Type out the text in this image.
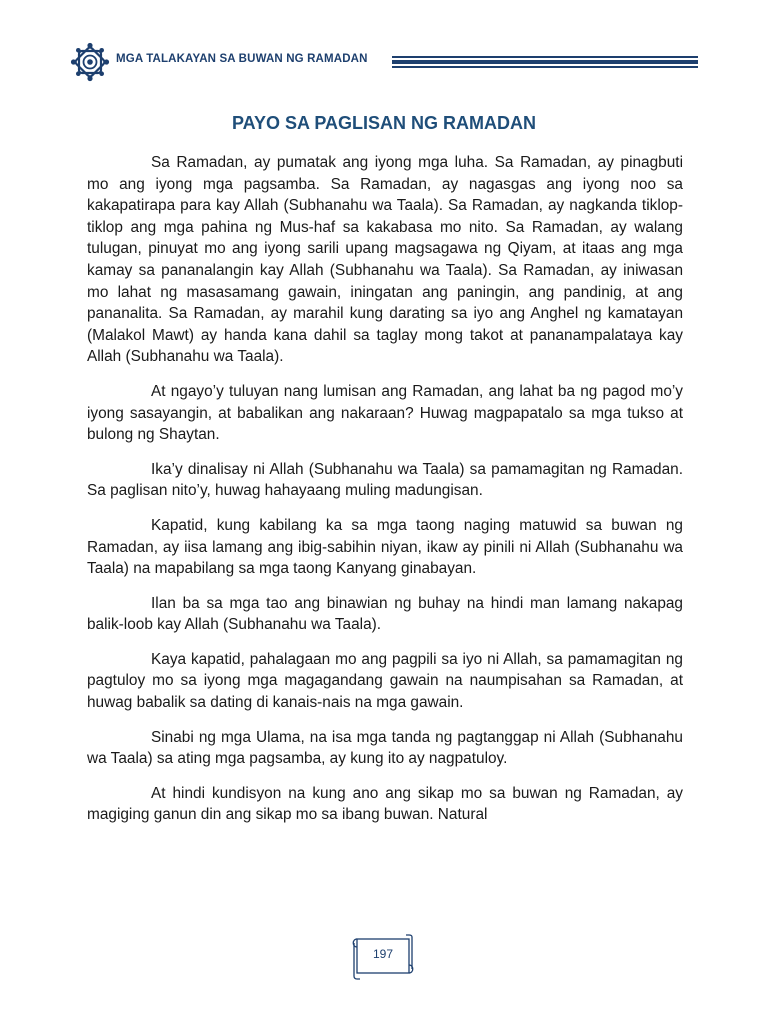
MGA TALAKAYAN SA BUWAN NG RAMADAN
PAYO SA PAGLISAN NG RAMADAN

Sa Ramadan, ay pumatak ang iyong mga luha. Sa Ramadan, ay pinagbuti mo ang iyong mga pagsamba. Sa Ramadan, ay nagasgas ang iyong noo sa kakapatirapa para kay Allah (Subhanahu wa Taala). Sa Ramadan, ay nagkanda tiklop-tiklop ang mga pahina ng Mus-haf sa kakabasa mo nito. Sa Ramadan, ay walang tulugan, pinuyat mo ang iyong sarili upang magsagawa ng Qiyam, at itaas ang mga kamay sa pananalangin kay Allah (Subhanahu wa Taala). Sa Ramadan, ay iniwasan mo lahat ng masasamang gawain, iningatan ang paningin, ang pandinig, at ang pananalita. Sa Ramadan, ay marahil kung darating sa iyo ang Anghel ng kamatayan (Malakol Mawt) ay handa kana dahil sa taglay mong takot at pananampalataya kay Allah (Subhanahu wa Taala).

At ngayo’y tuluyan nang lumisan ang Ramadan, ang lahat ba ng pagod mo’y iyong sasayangin, at babalikan ang nakaraan? Huwag magpapatalo sa mga tukso at bulong ng Shaytan.

Ika’y dinalisay ni Allah (Subhanahu wa Taala) sa pamamagitan ng Ramadan. Sa paglisan nito’y, huwag hahayaang muling madungisan.

Kapatid, kung kabilang ka sa mga taong naging matuwid sa buwan ng Ramadan, ay iisa lamang ang ibig-sabihin niyan, ikaw ay pinili ni Allah (Subhanahu wa Taala) na mapabilang sa mga taong Kanyang ginabayan.

Ilan ba sa mga tao ang binawian ng buhay na hindi man lamang nakapag balik-loob kay Allah (Subhanahu wa Taala).

Kaya kapatid, pahalagaan mo ang pagpili sa iyo ni Allah, sa pamamagitan ng pagtuloy mo sa iyong mga magagandang gawain na naumpisahan sa Ramadan, at huwag babalik sa dating di kanais-nais na mga gawain.

Sinabi ng mga Ulama, na isa mga tanda ng pagtanggap ni Allah (Subhanahu wa Taala) sa ating mga pagsamba, ay kung ito ay nagpatuloy.

At hindi kundisyon na kung ano ang sikap mo sa buwan ng Ramadan, ay magiging ganun din ang sikap mo sa ibang buwan. Natural

197
